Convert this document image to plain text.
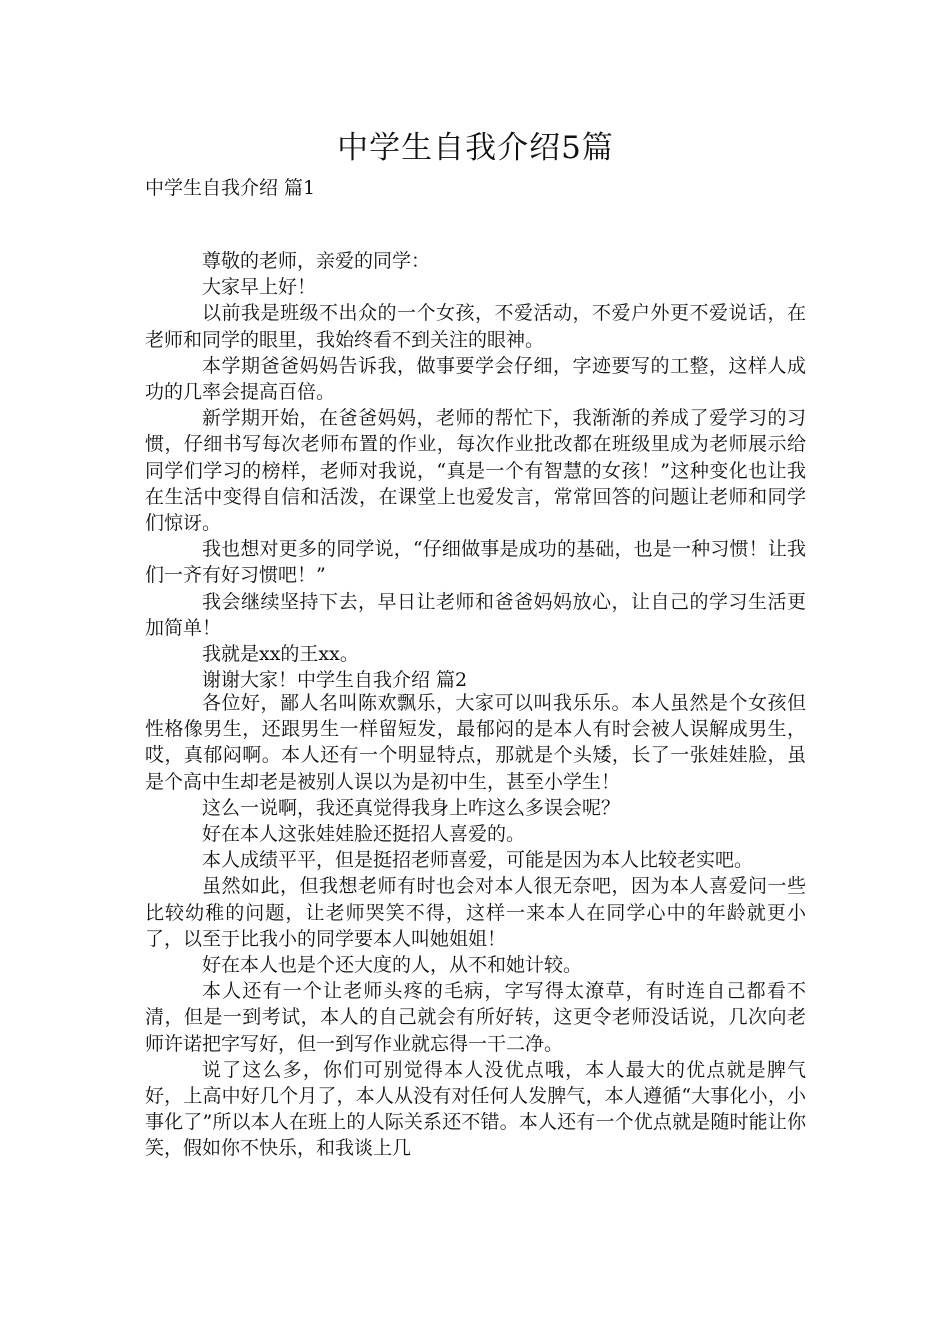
中学生自我介绍5篇

中学生自我介绍 篇1

尊敬的老师，亲爱的同学：

大家早上好！

以前我是班级不出众的一个女孩，不爱活动，不爱户外更不爱说话，在老师和同学的眼里，我始终看不到关注的眼神。

本学期爸爸妈妈告诉我，做事要学会仔细，字迹要写的工整，这样人成功的几率会提高百倍。

新学期开始，在爸爸妈妈，老师的帮忙下，我渐渐的养成了爱学习的习惯，仔细书写每次老师布置的作业，每次作业批改都在班级里成为老师展示给同学们学习的榜样，老师对我说，“真是一个有智慧的女孩！”这种变化也让我在生活中变得自信和活泼，在课堂上也爱发言，常常回答的问题让老师和同学们惊讶。

我也想对更多的同学说，“仔细做事是成功的基础，也是一种习惯！让我们一齐有好习惯吧！”

我会继续坚持下去，早日让老师和爸爸妈妈放心，让自己的学习生活更加简单！

我就是xx的王xx。

谢谢大家！中学生自我介绍 篇2

各位好，鄙人名叫陈欢飘乐，大家可以叫我乐乐。本人虽然是个女孩但性格像男生，还跟男生一样留短发，最郁闷的是本人有时会被人误解成男生，哎，真郁闷啊。本人还有一个明显特点，那就是个头矮，长了一张娃娃脸，虽是个高中生却老是被别人误以为是初中生，甚至小学生！

这么一说啊，我还真觉得我身上咋这么多误会呢？

好在本人这张娃娃脸还挺招人喜爱的。

本人成绩平平，但是挺招老师喜爱，可能是因为本人比较老实吧。

虽然如此，但我想老师有时也会对本人很无奈吧，因为本人喜爱问一些比较幼稚的问题，让老师哭笑不得，这样一来本人在同学心中的年龄就更小了，以至于比我小的同学要本人叫她姐姐！

好在本人也是个还大度的人，从不和她计较。

本人还有一个让老师头疼的毛病，字写得太潦草，有时连自己都看不清，但是一到考试，本人的自己就会有所好转，这更令老师没话说，几次向老师许诺把字写好，但一到写作业就忘得一干二净。

说了这么多，你们可别觉得本人没优点哦，本人最大的优点就是脾气好，上高中好几个月了，本人从没有对任何人发脾气，本人遵循“大事化小，小事化了”所以本人在班上的人际关系还不错。本人还有一个优点就是随时能让你笑，假如你不快乐，和我谈上几
